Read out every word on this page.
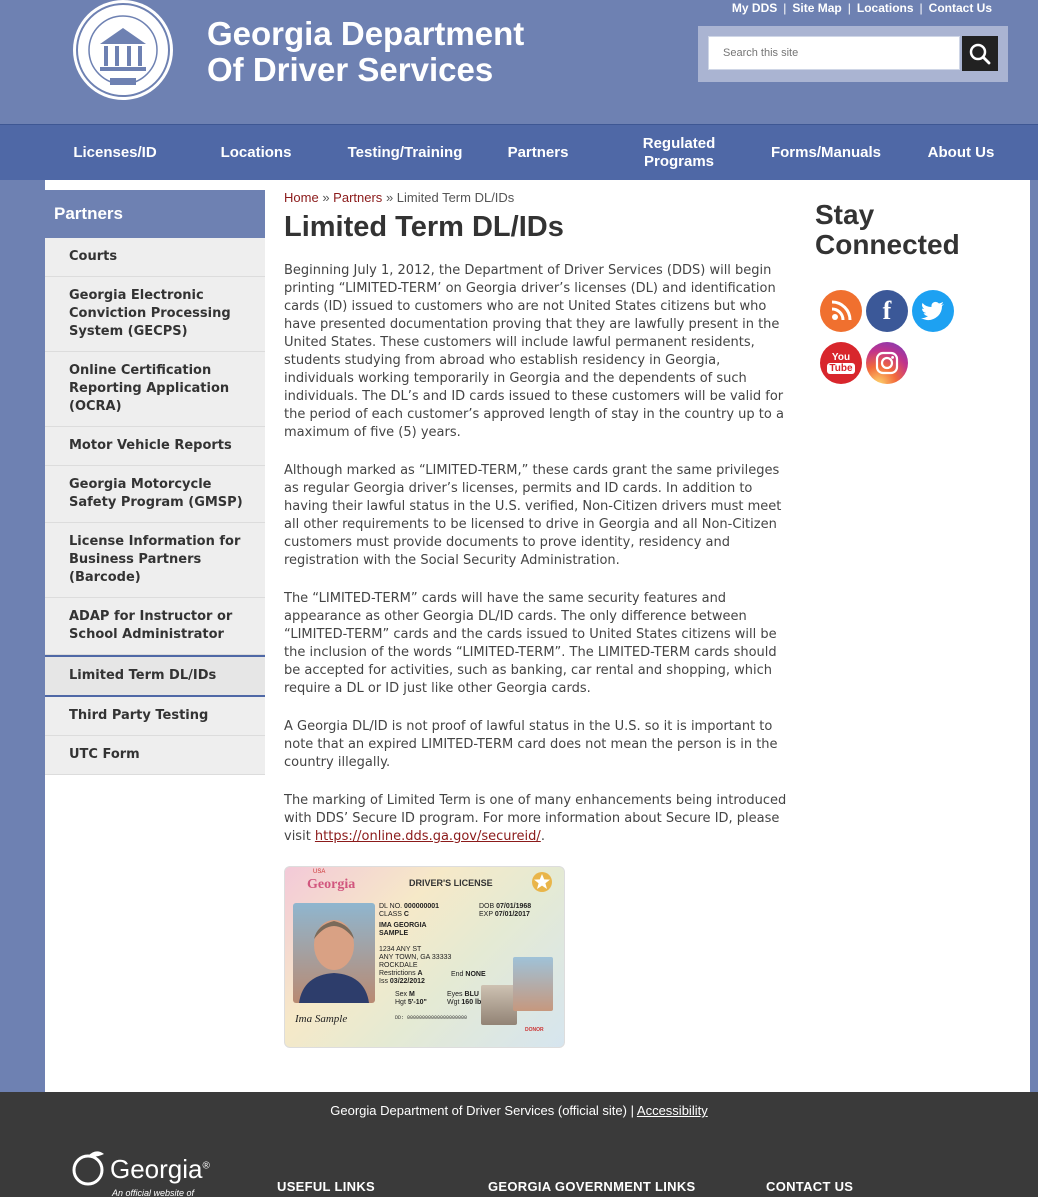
Georgia Department
Of Driver Services
My DDS | Site Map | Locations | Contact Us
Search this site
Licenses/ID	Locations	Testing/Training	Partners
Regulated Programs
Forms/Manuals	About Us
Partners
Courts
Georgia Electronic Conviction Processing System (GECPS)
Online Certification Reporting Application (OCRA)
Motor Vehicle Reports
Georgia Motorcycle Safety Program (GMSP)
License Information for Business Partners (Barcode)
ADAP for Instructor or School Administrator
Limited Term DL/IDs
Third Party Testing
UTC Form
Home » Partners » Limited Term DL/IDs
Limited Term DL/IDs

Beginning July 1, 2012, the Department of Driver Services (DDS) will begin printing “LIMITED-TERM’ on Georgia driver’s licenses (DL) and identification cards (ID) issued to customers who are not United States citizens but who have presented documentation proving that they are lawfully present in the United States. These customers will include lawful permanent residents, students studying from abroad who establish residency in Georgia, individuals working temporarily in Georgia and the dependents of such individuals. The DL’s and ID cards issued to these customers will be valid for the period of each customer’s approved length of stay in the country up to a maximum of five (5) years.

Although marked as “LIMITED-TERM,” these cards grant the same privileges as regular Georgia driver’s licenses, permits and ID cards. In addition to having their lawful status in the U.S. verified, Non-Citizen drivers must meet all other requirements to be licensed to drive in Georgia and all Non-Citizen customers must provide documents to prove identity, residency and registration with the Social Security Administration.

The “LIMITED-TERM” cards will have the same security features and appearance as other Georgia DL/ID cards. The only difference between “LIMITED-TERM” cards and the cards issued to United States citizens will be the inclusion of the words “LIMITED-TERM”. The LIMITED-TERM cards should be accepted for activities, such as banking, car rental and shopping, which require a DL or ID just like other Georgia cards.

A Georgia DL/ID is not proof of lawful status in the U.S. so it is important to note that an expired LIMITED-TERM card does not mean the person is in the country illegally.

The marking of Limited Term is one of many enhancements being introduced with DDS’ Secure ID program. For more information about Secure ID, please visit https://online.dds.ga.gov/secureid/.

USA
Georgia	DRIVER'S LICENSE
DL NO. 000000001
CLASS C
IMA GEORGIA
SAMPLE
1234 ANY ST
ANY TOWN, GA 33333
ROCKDALE
Restrictions A
Iss 03/22/2012
DOB 07/01/1968
EXP 07/01/2017
End NONE
Sex M
Hgt 5'-10"
Eyes BLU
Wgt 160 lb
Ima Sample	DD: 00000000000000000000
DONOR
Stay
Connected
f
You
Tube
Georgia Department of Driver Services (official site) | Accessibility
Georgia®
An official website of	USEFUL LINKS	GEORGIA GOVERNMENT LINKS	CONTACT US
